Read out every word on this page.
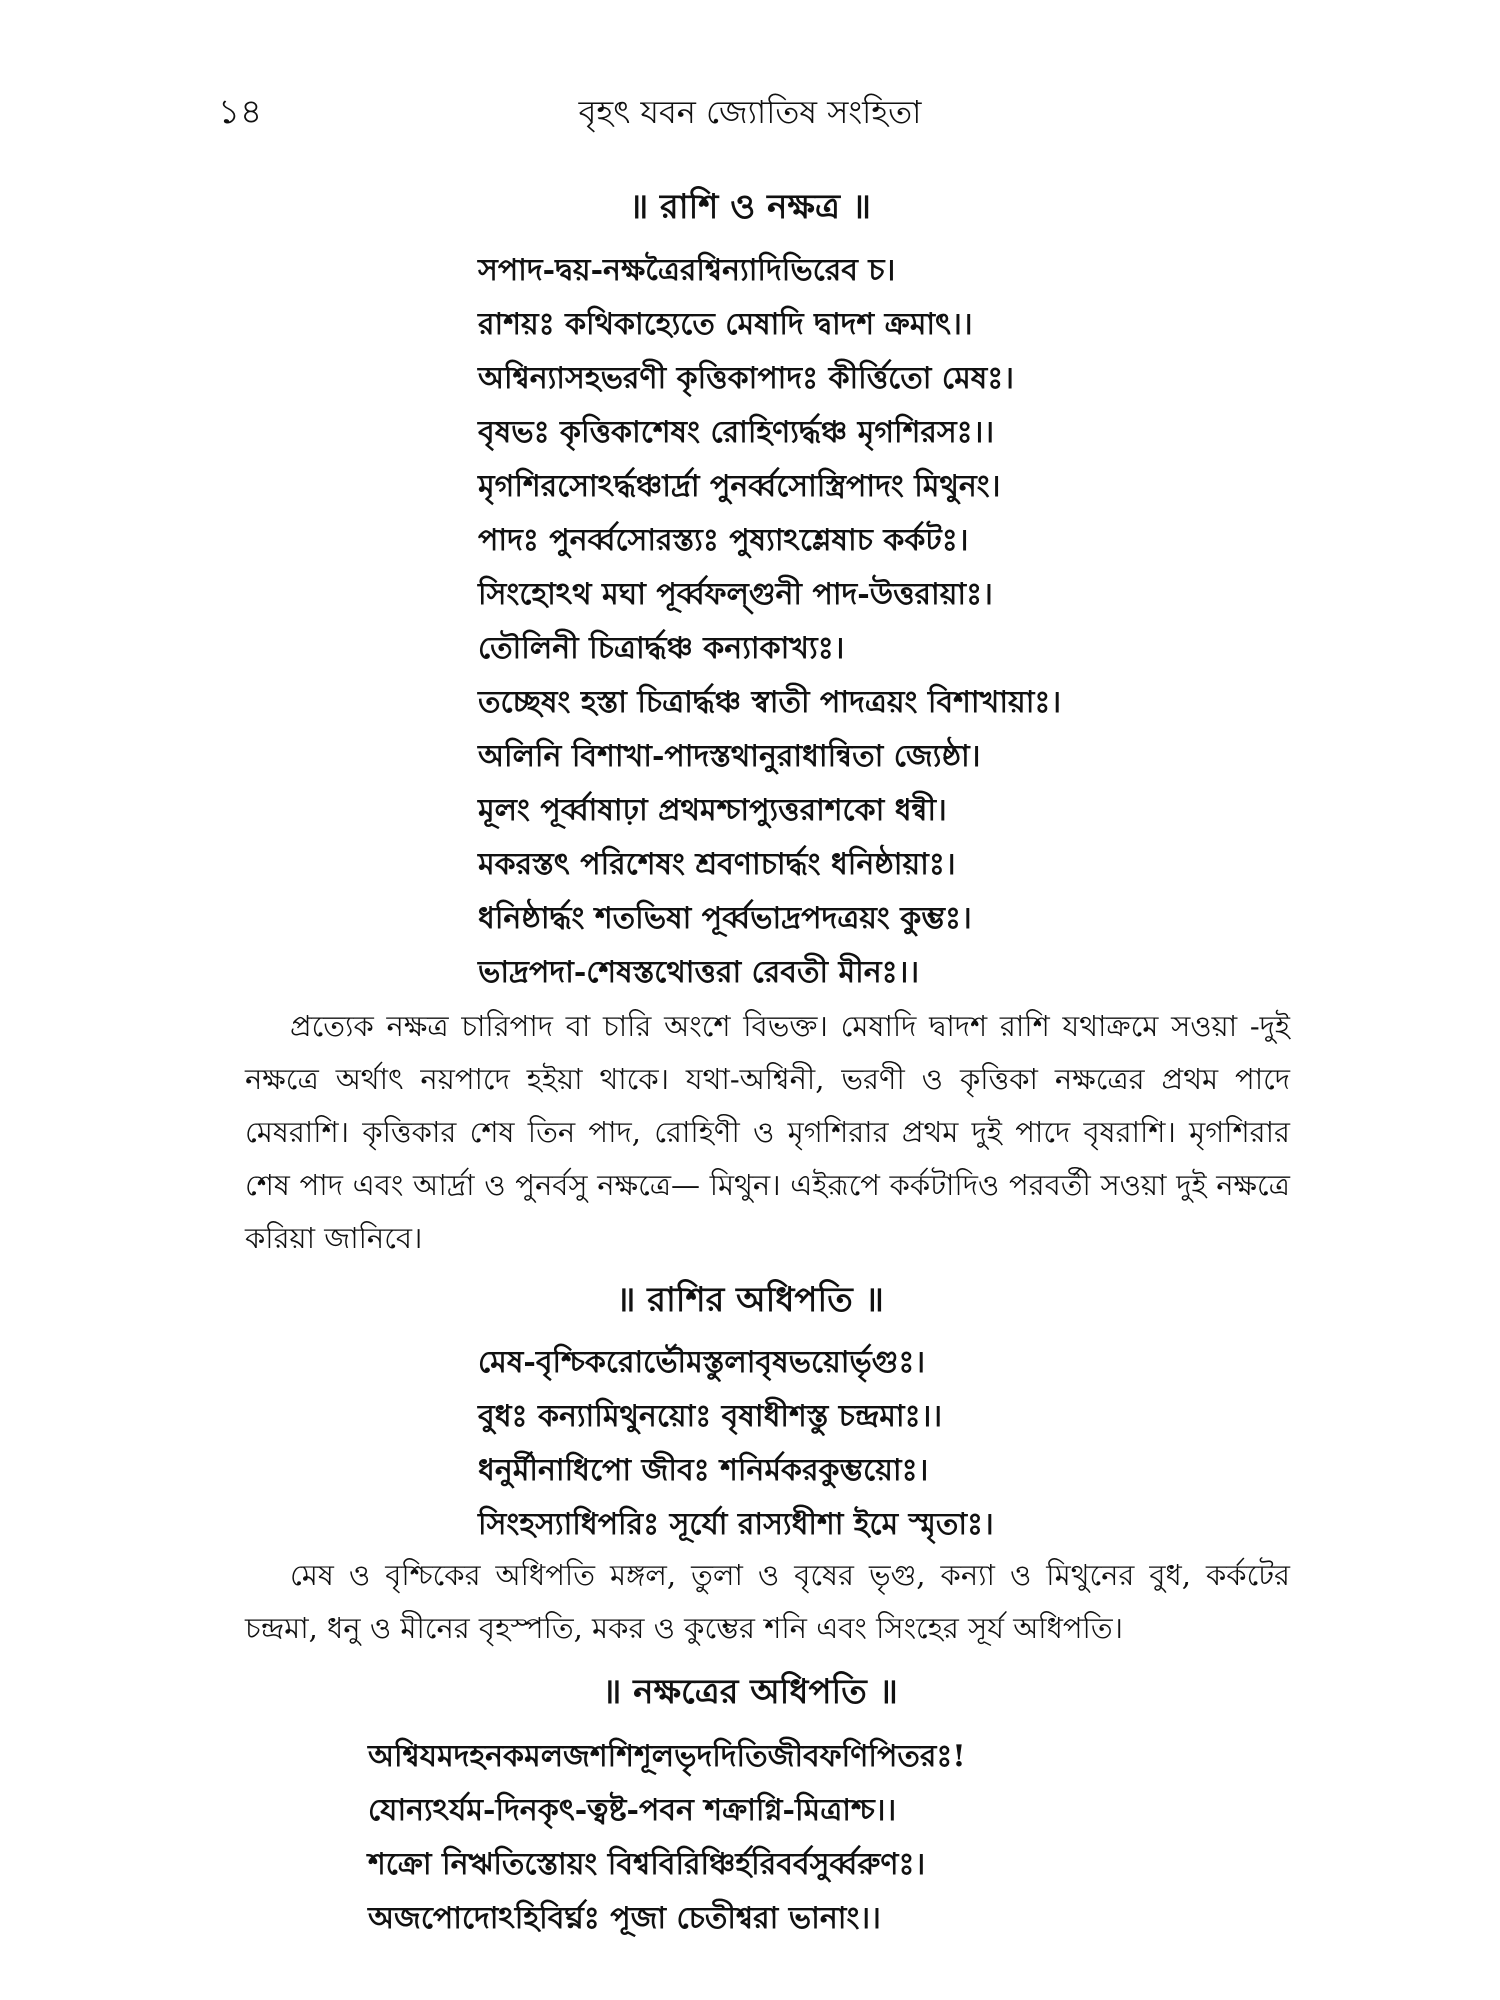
১৪	বৃহৎ যবন জ্যোতিষ সংহিতা
॥ রাশি ও নক্ষত্র ॥
সপাদ-দ্বয়-নক্ষত্রৈরশ্বিন্যাদিভিরেব চ।
রাশয়ঃ কথিকাহ্যেতে মেষাদি দ্বাদশ ক্রমাৎ।।
অশ্বিন্যাসহভরণী কৃত্তিকাপাদঃ কীর্ত্তিতো মেষঃ।
বৃষভঃ কৃত্তিকাশেষং রোহিণ্যর্দ্ধঞ্চ মৃগশিরসঃ।।
মৃগশিরসোঽর্দ্ধঞ্চার্দ্রা পুনর্ব্বসোস্ত্রিপাদং মিথুনং।
পাদঃ পুনর্ব্বসোরস্ত্যঃ পুষ্যাঽশ্লেষাচ কর্কটঃ।
সিংহোঽথ মঘা পূর্ব্বফল্গুনী পাদ-উত্তরায়াঃ।
তৌলিনী চিত্রার্দ্ধঞ্চ কন্যাকাখ্যঃ।
তচ্ছেষং হস্তা চিত্রার্দ্ধঞ্চ স্বাতী পাদত্রয়ং বিশাখায়াঃ।
অলিনি বিশাখা-পাদস্তথানুরাধান্বিতা জ্যেষ্ঠা।
মূলং পূর্ব্বাষাঢ়া প্রথমশ্চাপ্যুত্তরাশকো ধন্বী।
মকরস্তৎ পরিশেষং শ্রবণাচার্দ্ধং ধনিষ্ঠায়াঃ।
ধনিষ্ঠার্দ্ধং শতভিষা পূর্ব্বভাদ্রপদত্রয়ং কুম্ভঃ।
ভাদ্রপদা-শেষস্তথোত্তরা রেবতী মীনঃ।।

প্রত্যেক নক্ষত্র চারিপাদ বা চারি অংশে বিভক্ত। মেষাদি দ্বাদশ রাশি যথাক্রমে সওয়া -দুই নক্ষত্রে অর্থাৎ নয়পাদে হইয়া থাকে। যথা-অশ্বিনী, ভরণী ও কৃত্তিকা নক্ষত্রের প্রথম পাদে মেষরাশি। কৃত্তিকার শেষ তিন পাদ, রোহিণী ও মৃগশিরার প্রথম দুই পাদে বৃষরাশি। মৃগশিরার শেষ পাদ এবং আর্দ্রা ও পুনর্বসু নক্ষত্রে— মিথুন। এইরূপে কর্কটাদিও পরবর্তী সওয়া দুই নক্ষত্রে করিয়া জানিবে।

॥ রাশির অধিপতি ॥
মেষ-বৃশ্চিকরোর্ভৌমস্তুলাবৃষভয়োর্ভৃগুঃ।
বুধঃ কন্যামিথুনয়োঃ বৃষাধীশস্তু চন্দ্রমাঃ।।
ধনুর্মীনাধিপো জীবঃ শনির্মকরকুম্ভয়োঃ।
সিংহস্যাধিপরিঃ সূর্যো রাস্যধীশা ইমে স্মৃতাঃ।

মেষ ও বৃশ্চিকের অধিপতি মঙ্গল, তুলা ও বৃষের ভৃগু, কন্যা ও মিথুনের বুধ, কর্কটের চন্দ্রমা, ধনু ও মীনের বৃহস্পতি, মকর ও কুম্ভের শনি এবং সিংহের সূর্য অধিপতি।

॥ নক্ষত্রের অধিপতি ॥
অশ্বিযমদহনকমলজশশিশূলভৃদদিতিজীবফণিপিতরঃ!
যোন্যঽর্যম-দিনকৃৎ-ত্বষ্ট-পবন শক্রাগ্নি-মিত্রাশ্চ।।
শক্রো নিঋতিস্তোয়ং বিশ্ববিরিঞ্চির্হরিবর্বসুর্ব্বরুণঃ।
অজপোদোঽহিবির্ঘ্নঃ পূজা চেতীশ্বরা ভানাং।।
